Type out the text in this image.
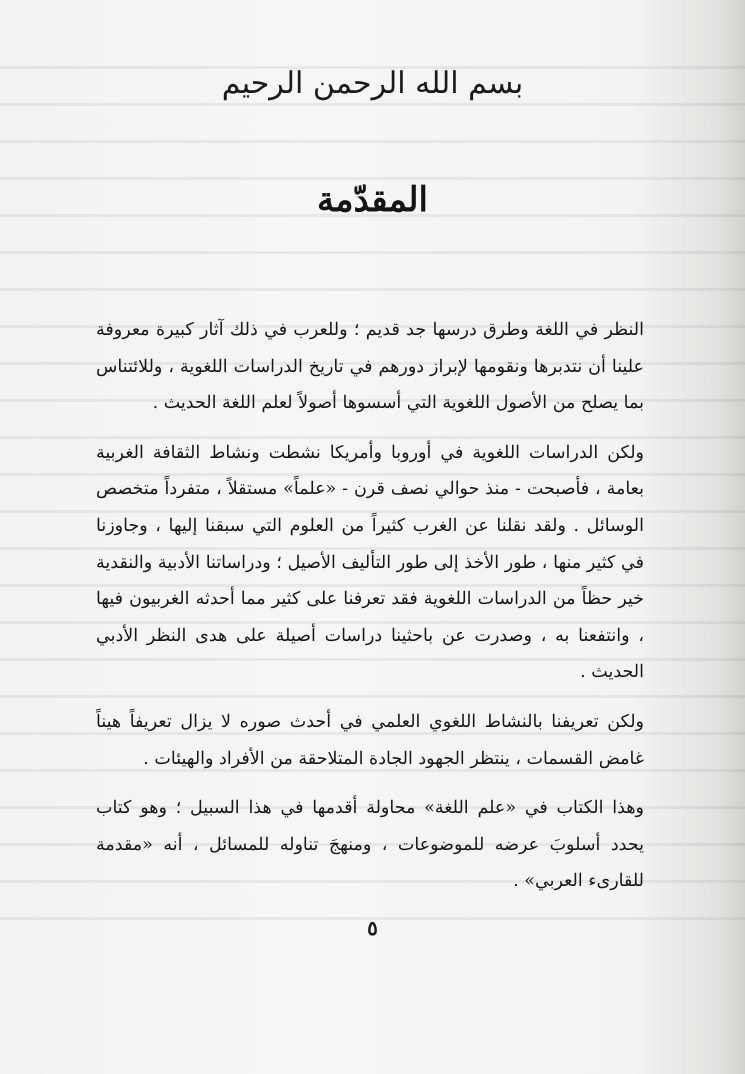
بسم الله الرحمن الرحيم
المقدّمة

النظر في اللغة وطرق درسها جد قديم ؛ وللعرب في ذلك آثار كبيرة معروفة علينا أن نتدبرها ونقومها لإبراز دورهم في تاريخ الدراسات اللغوية ، وللائتناس بما يصلح من الأصول اللغوية التي أسسوها أصولاً لعلم اللغة الحديث .

ولكن الدراسات اللغوية في أوروبا وأمريكا نشطت ونشاط الثقافة الغربية بعامة ، فأصبحت - منذ حوالي نصف قرن - «علماً» مستقلاً ، متفرداً متخصص الوسائل . ولقد نقلنا عن الغرب كثيراً من العلوم التي سبقنا إليها ، وجاوزنا في كثير منها ، طور الأخذ إلى طور التأليف الأصيل ؛ ودراساتنا الأدبية والنقدية خير حظاً من الدراسات اللغوية فقد تعرفنا على كثير مما أحدثه الغربيون فيها ، وانتفعنا به ، وصدرت عن باحثينا دراسات أصيلة على هدى النظر الأدبي الحديث .

ولكن تعريفنا بالنشاط اللغوي العلمي في أحدث صوره لا يزال تعريفاً هيناً غامض القسمات ، ينتظر الجهود الجادة المتلاحقة من الأفراد والهيئات .

وهذا الكتاب في «علم اللغة» محاولة أقدمها في هذا السبيل ؛ وهو كتاب يحدد أسلوبَ عرضه للموضوعات ، ومنهجَ تناوله للمسائل ، أنه «مقدمة للقارىء العربي» .

٥
